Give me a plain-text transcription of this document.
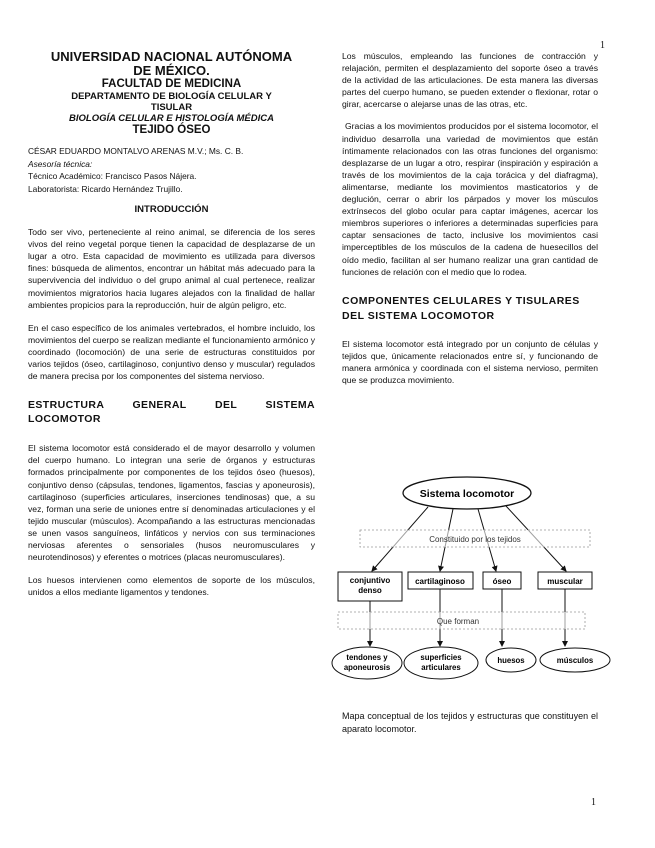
1
1
UNIVERSIDAD NACIONAL AUTÓNOMA
DE MÉXICO.
FACULTAD DE MEDICINA
DEPARTAMENTO DE BIOLOGÍA CELULAR Y
TISULAR
BIOLOGÍA CELULAR E HISTOLOGÍA MÉDICA
TEJIDO ÓSEO
CÉSAR EDUARDO MONTALVO ARENAS M.V.; Ms. C. B.
Asesoría técnica:
Técnico Académico: Francisco Pasos Nájera.
Laboratorista: Ricardo Hernández Trujillo.
INTRODUCCIÓN

Todo ser vivo, perteneciente al reino animal, se diferencia de los seres vivos del reino vegetal porque tienen la capacidad de desplazarse de un lugar a otro. Esta capacidad de movimiento es utilizada para diversos fines: búsqueda de alimentos, encontrar un hábitat más adecuado para la supervivencia del individuo o del grupo animal al cual pertenece, realizar movimientos migratorios hacia lugares alejados con la finalidad de hallar ambientes propicios para la reproducción, huir de algún peligro, etc.

En el caso específico de los animales vertebrados, el hombre incluido, los movimientos del cuerpo se realizan mediante el funcionamiento armónico y coordinado (locomoción) de una serie de estructuras constituidos por varios tejidos (óseo, cartilaginoso, conjuntivo denso y muscular) regulados de manera precisa por los componentes del sistema nervioso.

ESTRUCTURA GENERAL DEL SISTEMA LOCOMOTOR

El sistema locomotor está considerado el de mayor desarrollo y volumen del cuerpo humano. Lo integran una serie de órganos y estructuras formados principalmente por componentes de los tejidos óseo (huesos), conjuntivo denso (cápsulas, tendones, ligamentos, fascias y aponeurosis), cartilaginoso (superficies articulares, inserciones tendinosas) que, a su vez, forman una serie de uniones entre sí denominadas articulaciones y el tejido muscular (músculos). Acompañando a las estructuras mencionadas se unen vasos sanguíneos, linfáticos y nervios con sus terminaciones nerviosas aferentes o sensoriales (husos neuromusculares y neurotendinosos) y eferentes o motrices (placas neuromusculares).

Los huesos intervienen como elementos de soporte de los músculos, unidos a ellos mediante ligamentos y tendones.

Los músculos, empleando las funciones de contracción y relajación, permiten el desplazamiento del soporte óseo a través de la actividad de las articulaciones. De esta manera las diversas partes del cuerpo humano, se pueden extender o flexionar, rotar o girar, acercarse o alejarse unas de las otras, etc.

Gracias a los movimientos producidos por el sistema locomotor, el individuo desarrolla una variedad de movimientos que están íntimamente relacionados con las otras funciones del organismo: desplazarse de un lugar a otro, respirar (inspiración y espiración a través de los movimientos de la caja torácica y del diafragma), alimentarse, mediante los movimientos masticatorios y de deglución, cerrar o abrir los párpados y mover los músculos extrínsecos del globo ocular para captar imágenes, acercar los miembros superiores o inferiores a determinadas superficies para captar sensaciones de tacto, inclusive los movimientos casi imperceptibles de los músculos de la cadena de huesecillos del oído medio, facilitan al ser humano realizar una gran cantidad de funciones de relación con el medio que lo rodea.

COMPONENTES CELULARES Y TISULARES
DEL SISTEMA LOCOMOTOR

El sistema locomotor está integrado por un conjunto de células y tejidos que, únicamente relacionados entre sí, y funcionando de manera armónica y coordinada con el sistema nervioso, permiten que se produzca movimiento.

Sistema locomotor
Constituido por los tejidos
conjuntivo denso
cartilaginoso	óseo	muscular
Que forman
tendones y aponeurosis
superficies articulares
huesos	músculos
Mapa conceptual de los tejidos y estructuras que constituyen el aparato locomotor.
